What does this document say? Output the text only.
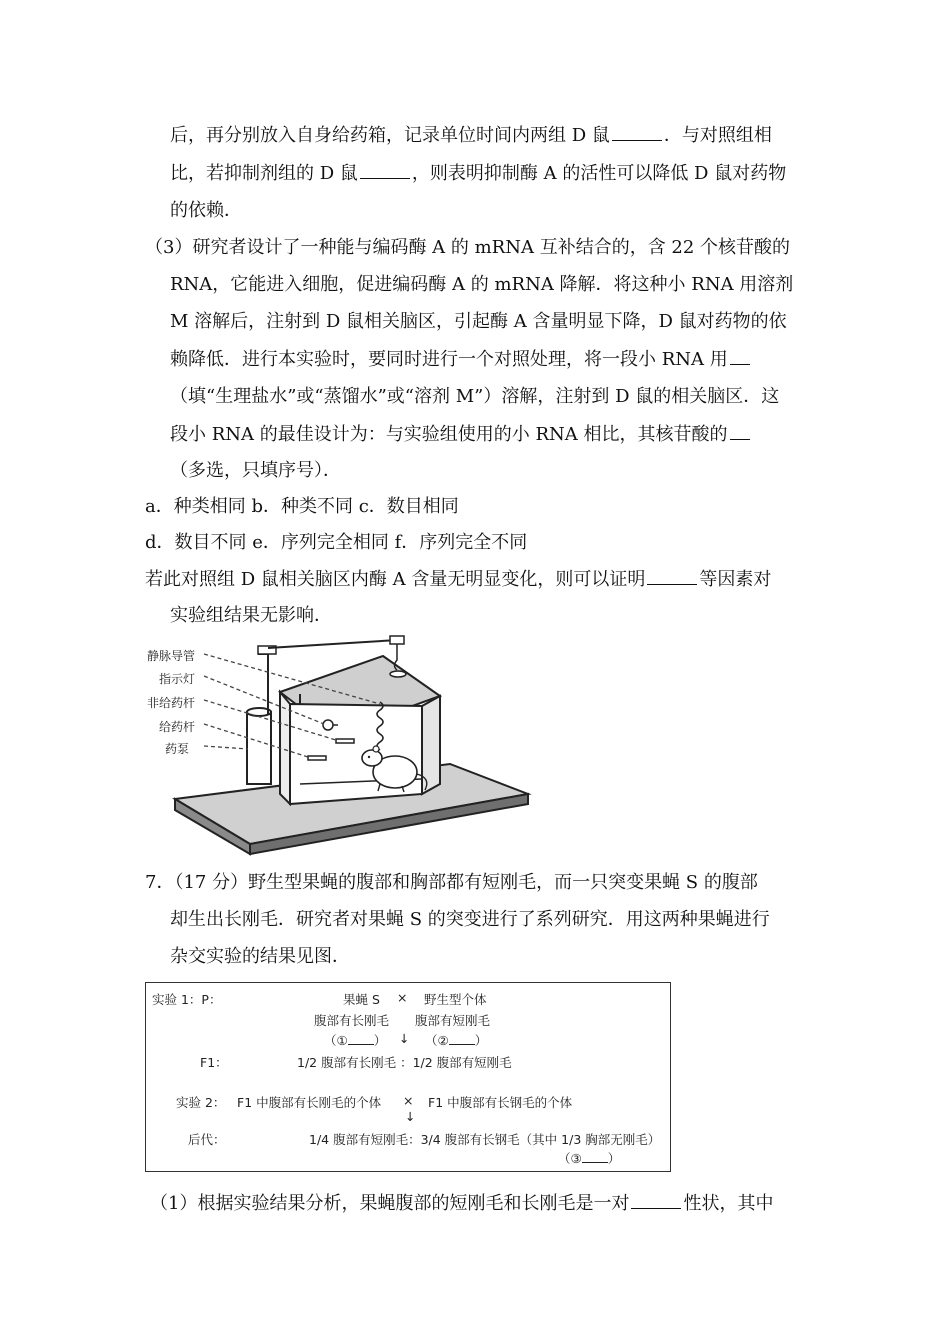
后，再分别放入自身给药箱，记录单位时间内两组 D 鼠	．与对照组相
比，若抑制剂组的 D 鼠	，则表明抑制酶 A 的活性可以降低 D 鼠对药物
的依赖．
（3）研究者设计了一种能与编码酶 A 的 mRNA 互补结合的，含 22 个核苷酸的
RNA，它能进入细胞，促进编码酶 A 的 mRNA 降解．将这种小 RNA 用溶剂
M 溶解后，注射到 D 鼠相关脑区，引起酶 A 含量明显下降，D 鼠对药物的依
赖降低．进行本实验时，要同时进行一个对照处理，将一段小 RNA 用
（填“生理盐水”或“蒸馏水”或“溶剂 M”）溶解，注射到 D 鼠的相关脑区．这
段小 RNA 的最佳设计为：与实验组使用的小 RNA 相比，其核苷酸的
（多选，只填序号）．
a．种类相同 b．种类不同 c．数目相同
d．数目不同 e．序列完全相同 f．序列完全不同
若此对照组 D 鼠相关脑区内酶 A 含量无明显变化，则可以证明	等因素对
实验组结果无影响．
7．（17 分）野生型果蝇的腹部和胸部都有短刚毛，而一只突变果蝇 S 的腹部
却生出长刚毛．研究者对果蝇 S 的突变进行了系列研究．用这两种果蝇进行
杂交实验的结果见图．
（1）根据实验结果分析，果蝇腹部的短刚毛和长刚毛是一对	性状，其中
静脉导管
指示灯
非给药杆
给药杆
药泵
实验 1：P：	果蝇 S × 野生型个体
腹部有长刚毛 腹部有短刚毛
（① ） ↓ （② ）
F1：	1/2 腹部有长刚毛 ：1/2 腹部有短刚毛
实验 2： F1 中腹部有长刚毛的个体 × F1 中腹部有长钢毛的个体
↓
后代：	1/4 腹部有短刚毛：3/4 腹部有长钢毛（其中 1/3 胸部无刚毛）
（③ ）
